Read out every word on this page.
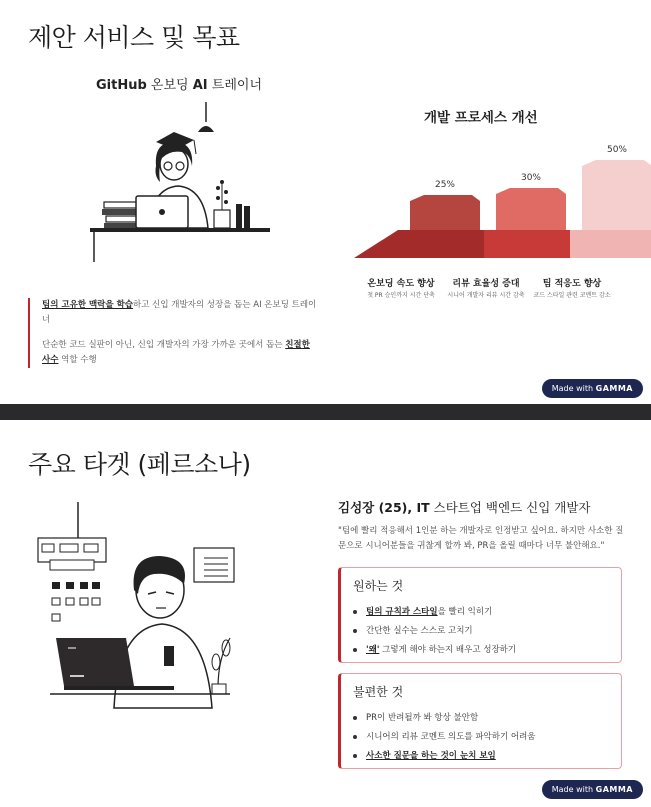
제안 서비스 및 목표
GitHub 온보딩 AI 트레이너

팀의 고유한 맥락을 학습하고 신입 개발자의 성장을 돕는 AI 온보딩 트레이너

단순한 코드 실판이 아닌, 신입 개발자의 가장 가까운 곳에서 돕는 친절한 사수 역할 수행

개발 프로세스 개선
25%
30%
50%
온보딩 속도 향상
첫 PR 승인까지 시간 단축
리뷰 효율성 증대
시니어 개발자 리뷰 시간 감축
팀 적응도 향상
코드 스타일 관련 코멘트 감소
Made with GAMMA
주요 타겟 (페르소나)
김성장 (25), IT 스타트업 백엔드 신입 개발자
"팀에 빨리 적응해서 1인분 하는 개발자로 인정받고 싶어요. 하지만 사소한 질문으로 시니어분들을 귀찮게 할까 봐, PR을 올릴 때마다 너무 불안해요."
원하는 것
팀의 규칙과 스타일을 빨리 익히기
간단한 실수는 스스로 고치기
'왜' 그렇게 해야 하는지 배우고 성장하기
불편한 것
PR이 반려될까 봐 항상 불안함
시니어의 리뷰 코멘트 의도를 파악하기 어려움
사소한 질문을 하는 것이 눈치 보임
Made with GAMMA
